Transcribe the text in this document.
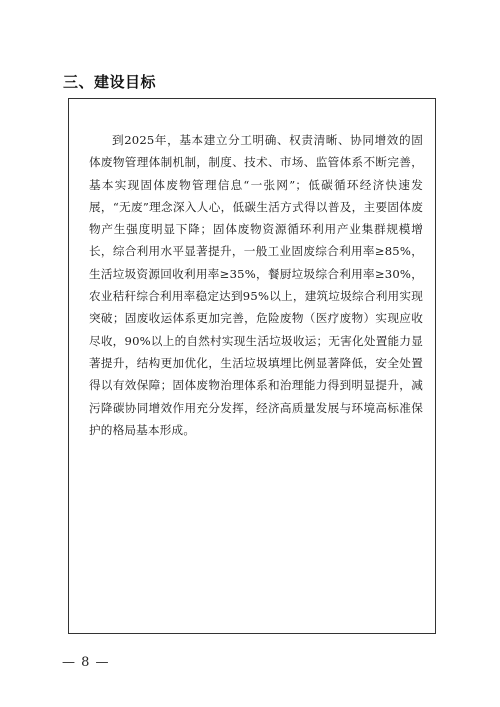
三、建设目标

到2025年，基本建立分工明确、权责清晰、协同增效的固体废物管理体制机制，制度、技术、市场、监管体系不断完善，基本实现固体废物管理信息“一张网”；低碳循环经济快速发展，“无废”理念深入人心，低碳生活方式得以普及，主要固体废物产生强度明显下降；固体废物资源循环利用产业集群规模增长，综合利用水平显著提升，一般工业固废综合利用率≥85%，生活垃圾资源回收利用率≥35%，餐厨垃圾综合利用率≥30%，农业秸秆综合利用率稳定达到95%以上，建筑垃圾综合利用实现突破；固废收运体系更加完善，危险废物（医疗废物）实现应收尽收，90%以上的自然村实现生活垃圾收运；无害化处置能力显著提升，结构更加优化，生活垃圾填埋比例显著降低，安全处置得以有效保障；固体废物治理体系和治理能力得到明显提升，减污降碳协同增效作用充分发挥，经济高质量发展与环境高标准保护的格局基本形成。

— 8 —
